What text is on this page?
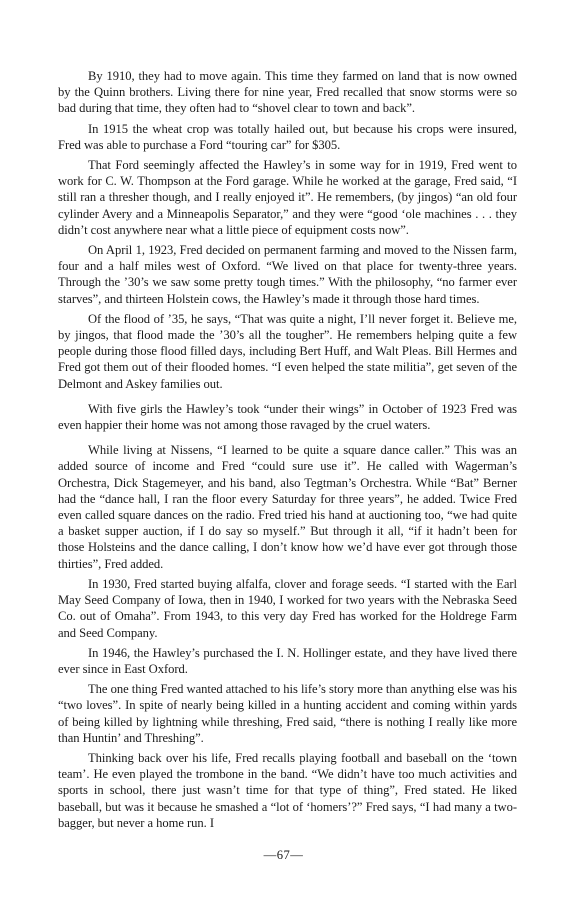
By 1910, they had to move again. This time they farmed on land that is now owned by the Quinn brothers. Living there for nine year, Fred recalled that snow storms were so bad during that time, they often had to “shovel clear to town and back”.

In 1915 the wheat crop was totally hailed out, but because his crops were insured, Fred was able to purchase a Ford “touring car” for $305.

That Ford seemingly affected the Hawley’s in some way for in 1919, Fred went to work for C. W. Thompson at the Ford garage. While he worked at the garage, Fred said, “I still ran a thresher though, and I really enjoyed it”. He remembers, (by jingos) “an old four cylinder Avery and a Minneapolis Separator,” and they were “good ‘ole machines . . . they didn’t cost anywhere near what a little piece of equipment costs now”.

On April 1, 1923, Fred decided on permanent farming and moved to the Nissen farm, four and a half miles west of Oxford. “We lived on that place for twenty-three years. Through the ’30’s we saw some pretty tough times.” With the philosophy, “no farmer ever starves”, and thirteen Holstein cows, the Hawley’s made it through those hard times.

Of the flood of ’35, he says, “That was quite a night, I’ll never forget it. Believe me, by jingos, that flood made the ’30’s all the tougher”. He remembers helping quite a few people during those flood filled days, including Bert Huff, and Walt Pleas. Bill Hermes and Fred got them out of their flooded homes. “I even helped the state militia”, get seven of the Delmont and Askey families out.

With five girls the Hawley’s took “under their wings” in October of 1923 Fred was even happier their home was not among those ravaged by the cruel waters.

While living at Nissens, “I learned to be quite a square dance caller.” This was an added source of income and Fred “could sure use it”. He called with Wagerman’s Orchestra, Dick Stagemeyer, and his band, also Tegtman’s Orchestra. While “Bat” Berner had the “dance hall, I ran the floor every Saturday for three years”, he added. Twice Fred even called square dances on the radio. Fred tried his hand at auctioning too, “we had quite a basket supper auction, if I do say so myself.” But through it all, “if it hadn’t been for those Holsteins and the dance calling, I don’t know how we’d have ever got through those thirties”, Fred added.

In 1930, Fred started buying alfalfa, clover and forage seeds. “I started with the Earl May Seed Company of Iowa, then in 1940, I worked for two years with the Nebraska Seed Co. out of Omaha”. From 1943, to this very day Fred has worked for the Holdrege Farm and Seed Company.

In 1946, the Hawley’s purchased the I. N. Hollinger estate, and they have lived there ever since in East Oxford.

The one thing Fred wanted attached to his life’s story more than anything else was his “two loves”. In spite of nearly being killed in a hunting accident and coming within yards of being killed by lightning while threshing, Fred said, “there is nothing I really like more than Huntin’ and Threshing”.

Thinking back over his life, Fred recalls playing football and baseball on the ‘town team’. He even played the trombone in the band. “We didn’t have too much activities and sports in school, there just wasn’t time for that type of thing”, Fred stated. He liked baseball, but was it because he smashed a “lot of ‘homers’?” Fred says, “I had many a two-bagger, but never a home run. I

—67—
